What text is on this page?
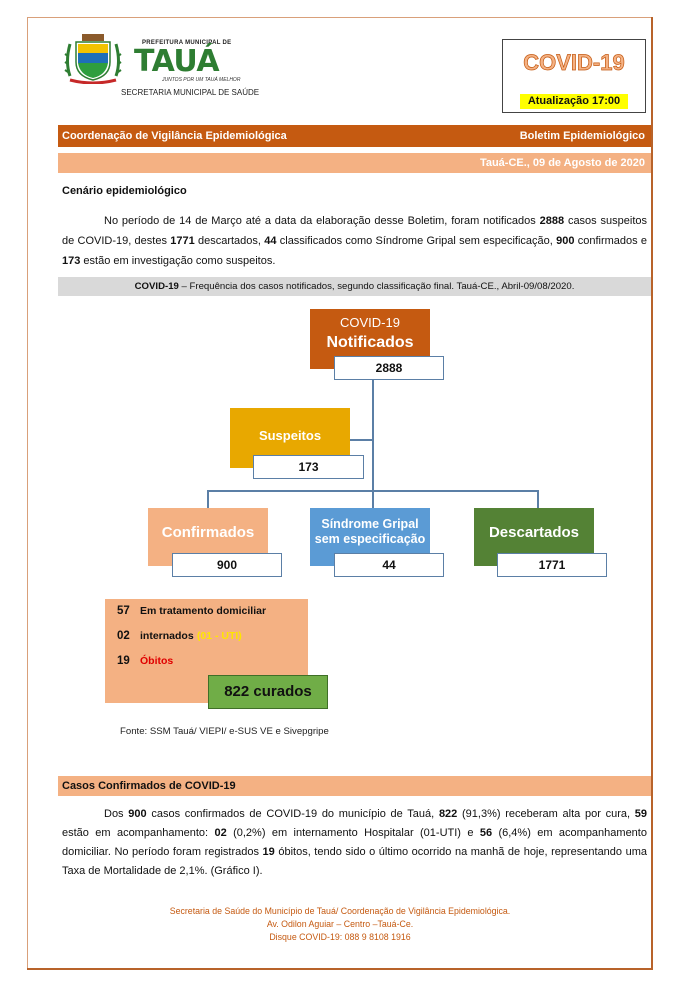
PREFEITURA MUNICIPAL DE
TAUÁ
JUNTOS POR UM TAUÁ MELHOR
SECRETARIA MUNICIPAL DE SAÚDE
COVID-19
Atualização 17:00
Coordenação de Vigilância Epidemiológica	Boletim Epidemiológico
Tauá-CE., 09 de Agosto de 2020
Cenário epidemiológico
No período de 14 de Março até a data da elaboração desse Boletim, foram notificados 2888 casos suspeitos de COVID-19, destes 1771 descartados, 44 classificados como Síndrome Gripal sem especificação, 900 confirmados e 173 estão em investigação como suspeitos.
COVID-19 – Frequência dos casos notificados, segundo classificação final. Tauá-CE., Abril-09/08/2020.
COVID-19
Notificados
2888
Suspeitos
173
Confirmados
900
Síndrome Gripal
sem especificação
44
Descartados
1771
57 Em tratamento domiciliar
02 internados (01 - UTI)
19 Óbitos
822 curados
Fonte: SSM Tauá/ VIEPI/ e-SUS VE e Sivepgripe
Casos Confirmados de COVID-19
Dos 900 casos confirmados de COVID-19 do município de Tauá, 822 (91,3%) receberam alta por cura, 59 estão em acompanhamento: 02 (0,2%) em internamento Hospitalar (01-UTI) e 56 (6,4%) em acompanhamento domiciliar. No período foram registrados 19 óbitos, tendo sido o último ocorrido na manhã de hoje, representando uma Taxa de Mortalidade de 2,1%. (Gráfico I).
Secretaria de Saúde do Município de Tauá/ Coordenação de Vigilância Epidemiológica.
Av. Odilon Aguiar – Centro –Tauá-Ce.
Disque COVID-19: 088 9 8108 1916
